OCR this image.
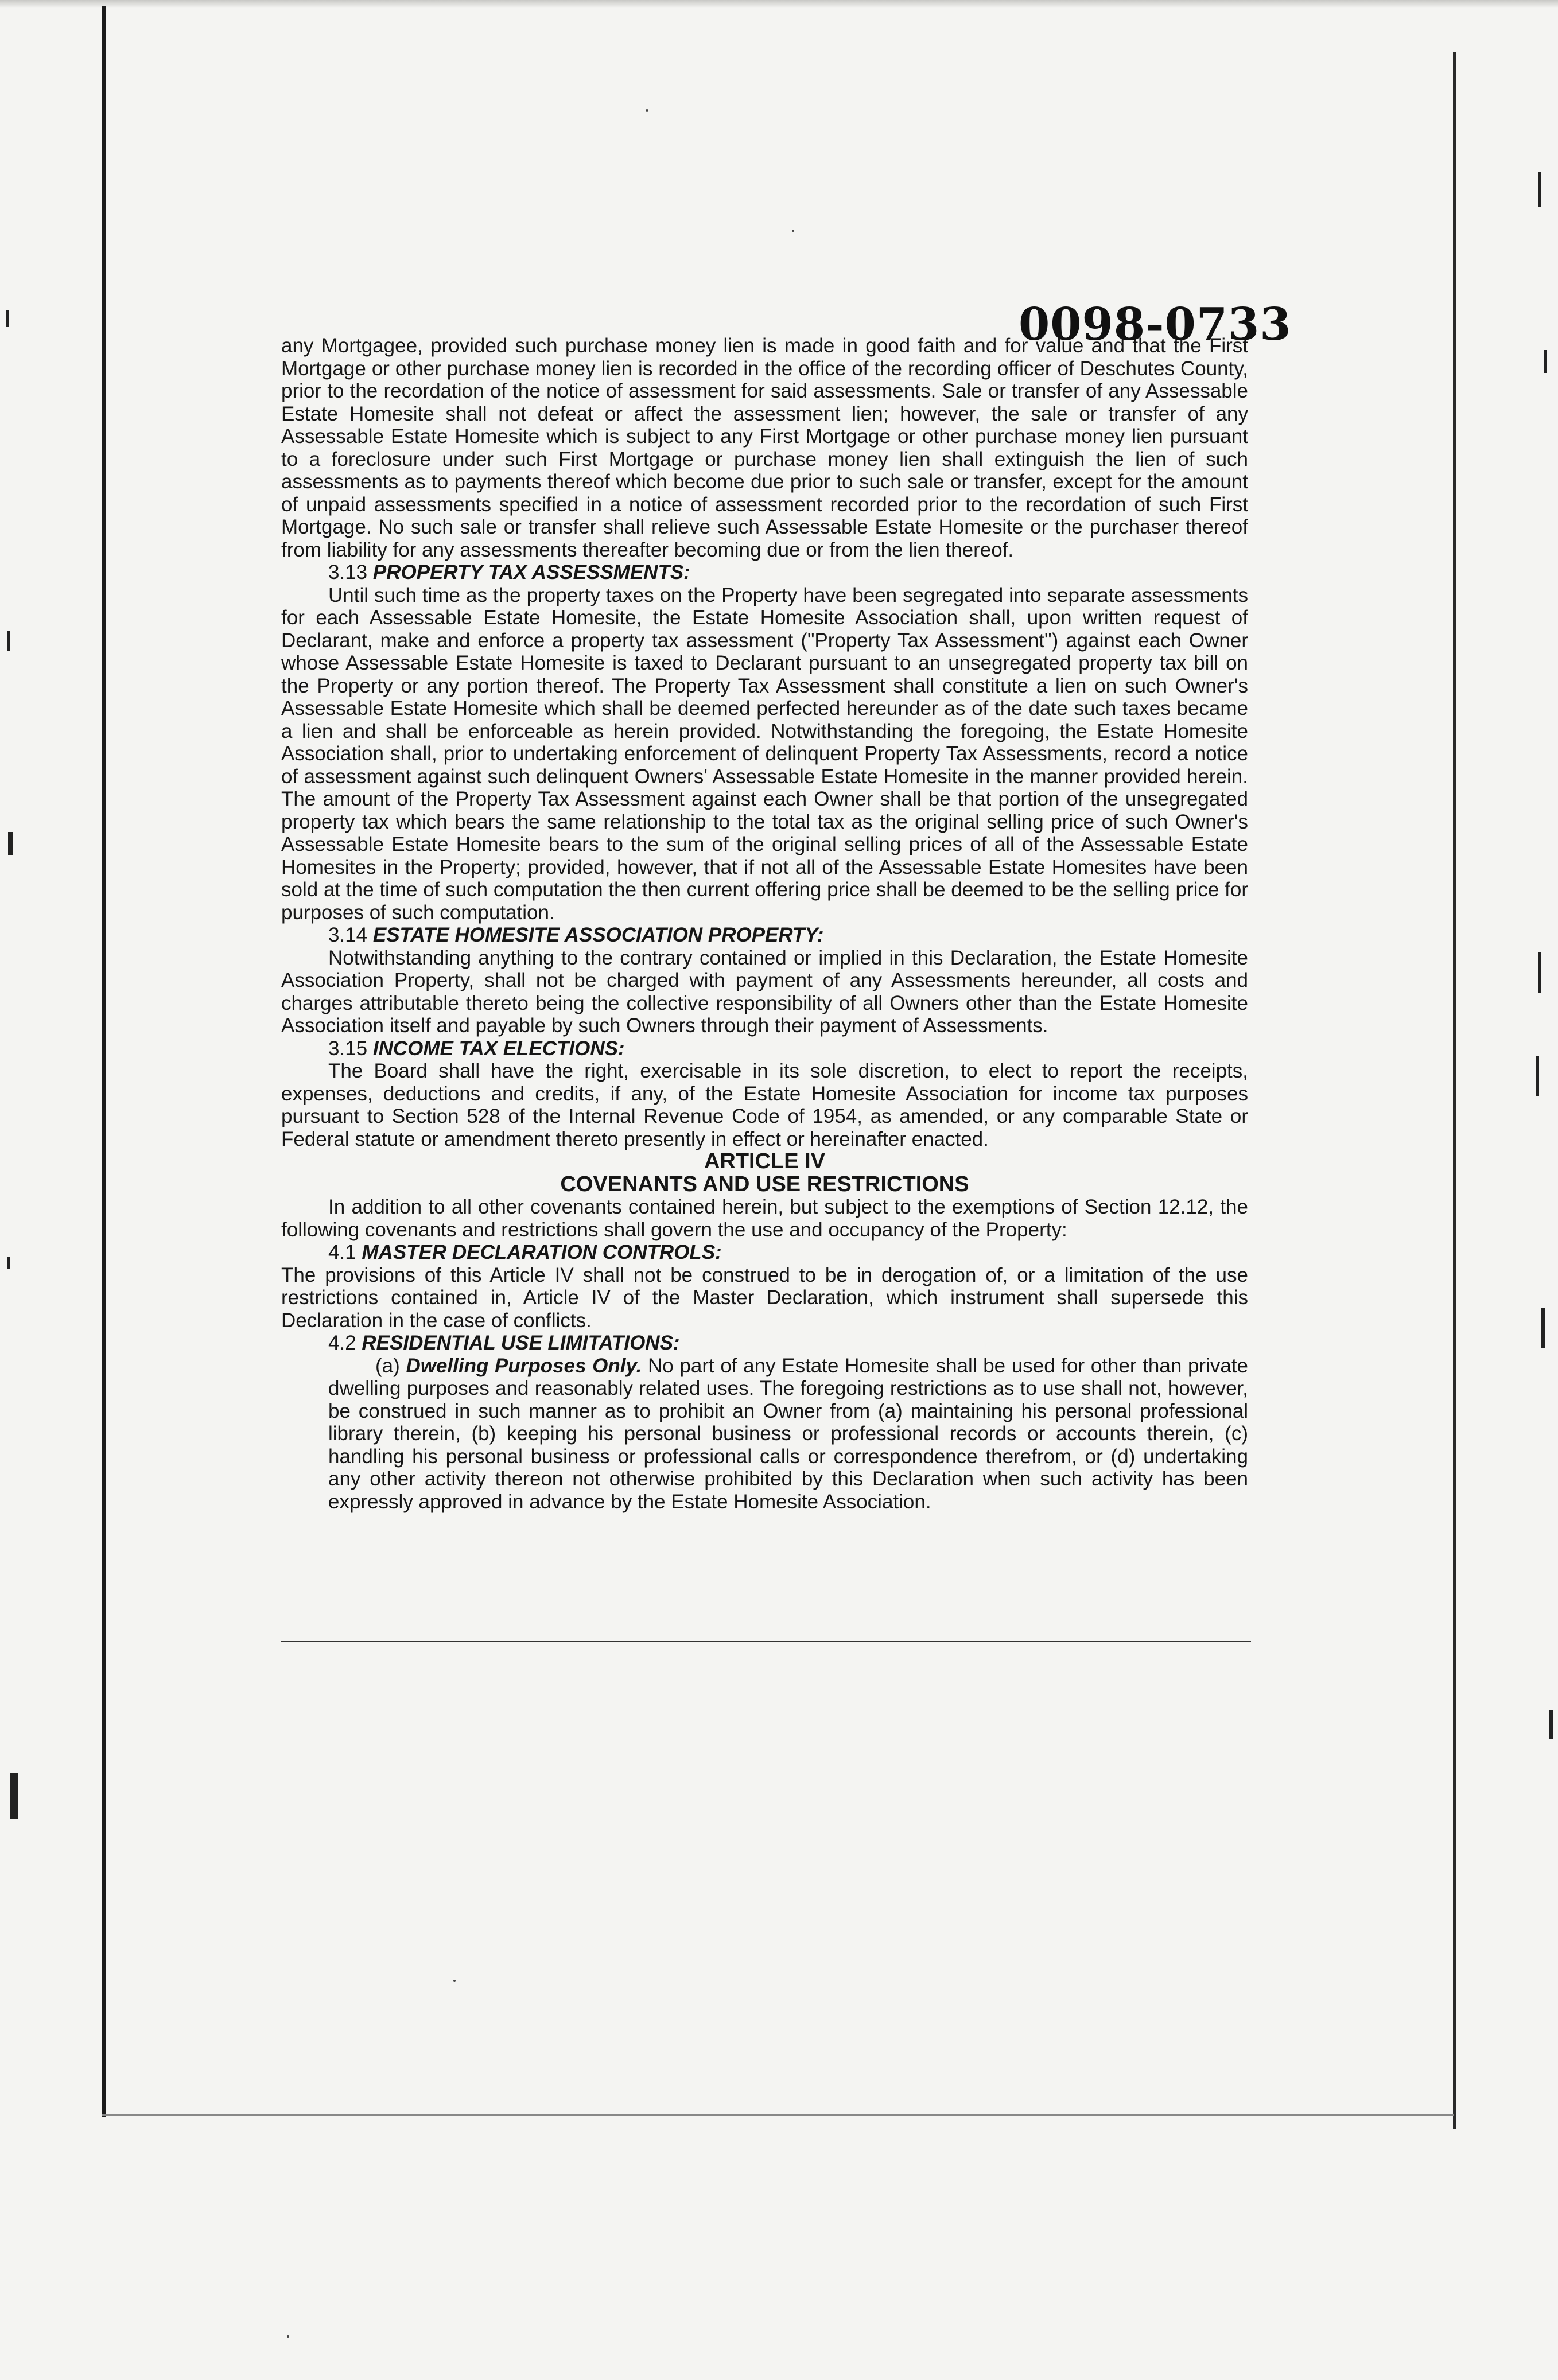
0098-0733

any Mortgagee, provided such purchase money lien is made in good faith and for value and that the First Mortgage or other purchase money lien is recorded in the office of the recording officer of Deschutes County, prior to the recordation of the notice of assessment for said assessments. Sale or transfer of any Assessable Estate Homesite shall not defeat or affect the assessment lien; however, the sale or transfer of any Assessable Estate Homesite which is subject to any First Mortgage or other purchase money lien pursuant to a foreclosure under such First Mortgage or purchase money lien shall extinguish the lien of such assessments as to payments thereof which become due prior to such sale or transfer, except for the amount of unpaid assessments specified in a notice of assessment recorded prior to the recordation of such First Mortgage. No such sale or transfer shall relieve such Assessable Estate Homesite or the purchaser thereof from liability for any assessments thereafter becoming due or from the lien thereof.

3.13 PROPERTY TAX ASSESSMENTS:

Until such time as the property taxes on the Property have been segregated into separate assessments for each Assessable Estate Homesite, the Estate Homesite Association shall, upon written request of Declarant, make and enforce a property tax assessment ("Property Tax Assessment") against each Owner whose Assessable Estate Homesite is taxed to Declarant pursuant to an unsegregated property tax bill on the Property or any portion thereof. The Property Tax Assessment shall constitute a lien on such Owner's Assessable Estate Homesite which shall be deemed perfected hereunder as of the date such taxes became a lien and shall be enforceable as herein provided. Notwithstanding the foregoing, the Estate Homesite Association shall, prior to undertaking enforcement of delinquent Property Tax Assessments, record a notice of assessment against such delinquent Owners' Assessable Estate Homesite in the manner provided herein. The amount of the Property Tax Assessment against each Owner shall be that portion of the unsegregated property tax which bears the same relationship to the total tax as the original selling price of such Owner's Assessable Estate Homesite bears to the sum of the original selling prices of all of the Assessable Estate Homesites in the Property; provided, however, that if not all of the Assessable Estate Homesites have been sold at the time of such computation the then current offering price shall be deemed to be the selling price for purposes of such computation.

3.14 ESTATE HOMESITE ASSOCIATION PROPERTY:

Notwithstanding anything to the contrary contained or implied in this Declaration, the Estate Homesite Association Property, shall not be charged with payment of any Assessments hereunder, all costs and charges attributable thereto being the collective responsibility of all Owners other than the Estate Homesite Association itself and payable by such Owners through their payment of Assessments.

3.15 INCOME TAX ELECTIONS:

The Board shall have the right, exercisable in its sole discretion, to elect to report the receipts, expenses, deductions and credits, if any, of the Estate Homesite Association for income tax purposes pursuant to Section 528 of the Internal Revenue Code of 1954, as amended, or any comparable State or Federal statute or amendment thereto presently in effect or hereinafter enacted.

ARTICLE IV

COVENANTS AND USE RESTRICTIONS

In addition to all other covenants contained herein, but subject to the exemptions of Section 12.12, the following covenants and restrictions shall govern the use and occupancy of the Property:

4.1 MASTER DECLARATION CONTROLS:

The provisions of this Article IV shall not be construed to be in derogation of, or a limitation of the use restrictions contained in, Article IV of the Master Declaration, which instrument shall supersede this Declaration in the case of conflicts.

4.2 RESIDENTIAL USE LIMITATIONS:

(a) Dwelling Purposes Only. No part of any Estate Homesite shall be used for other than private dwelling purposes and reasonably related uses. The foregoing restrictions as to use shall not, however, be construed in such manner as to prohibit an Owner from (a) maintaining his personal professional library therein, (b) keeping his personal business or professional records or accounts therein, (c) handling his personal business or professional calls or correspondence therefrom, or (d) undertaking any other activity thereon not otherwise prohibited by this Declaration when such activity has been expressly approved in advance by the Estate Homesite Association.
